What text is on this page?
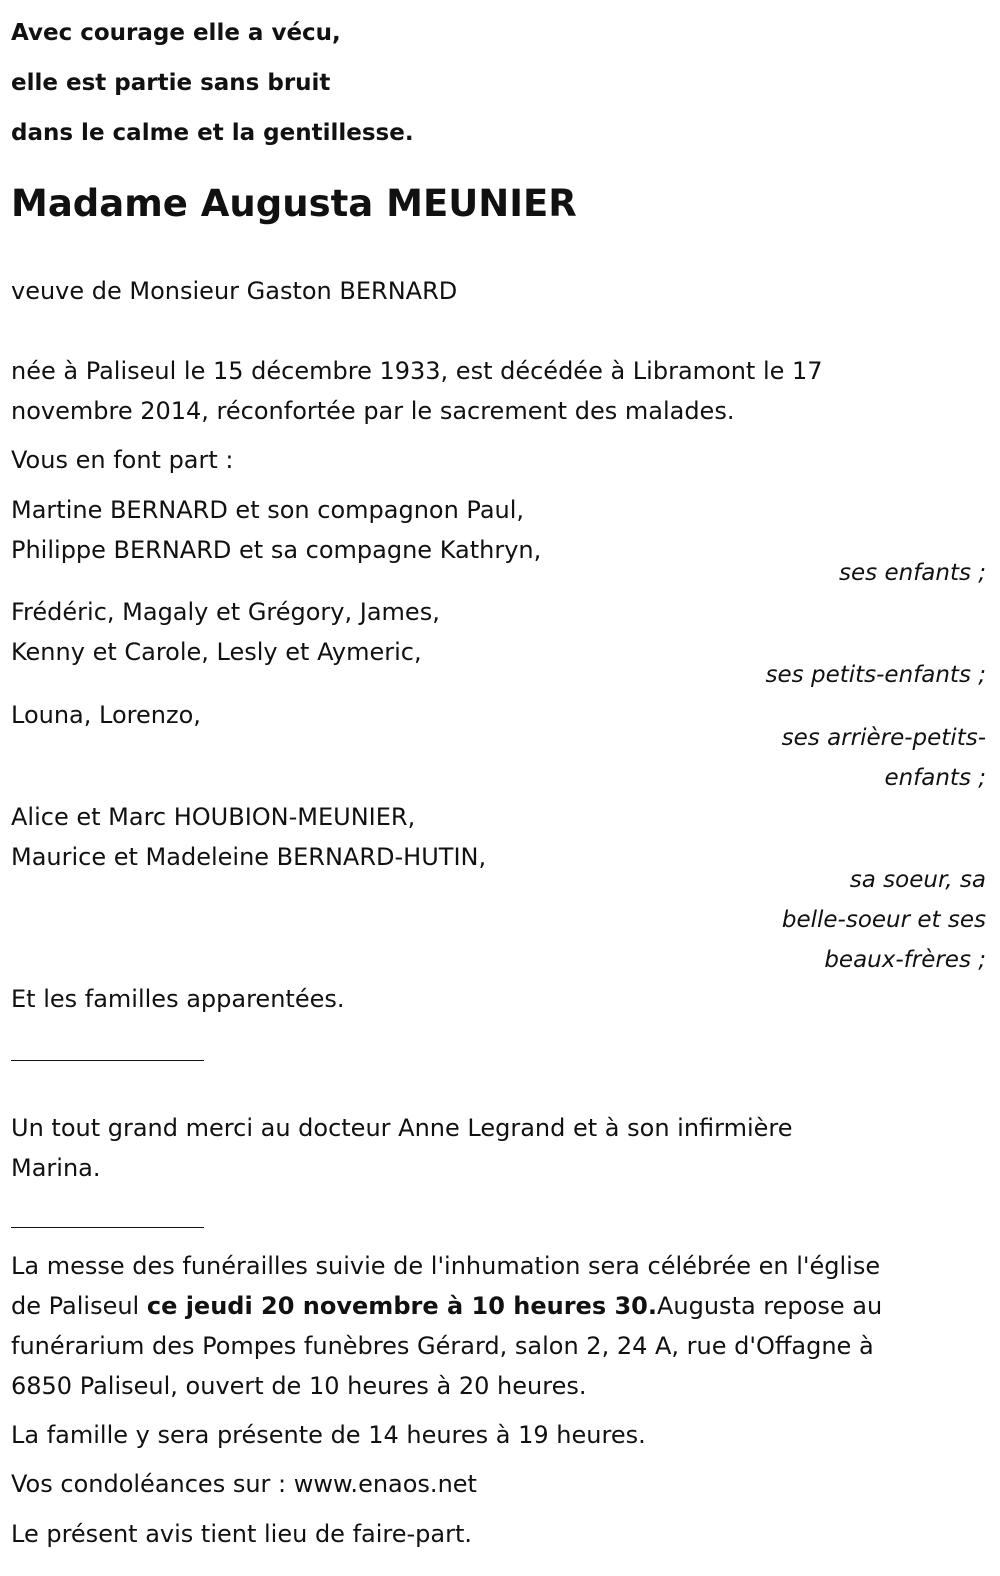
Avec courage elle a vécu,
elle est partie sans bruit
dans le calme et la gentillesse.
Madame Augusta MEUNIER
veuve de Monsieur Gaston BERNARD
née à Paliseul le 15 décembre 1933, est décédée à Libramont le 17
novembre 2014, réconfortée par le sacrement des malades.
Vous en font part :
Martine BERNARD et son compagnon Paul,
Philippe BERNARD et sa compagne Kathryn,
ses enfants ;
Frédéric, Magaly et Grégory, James,
Kenny et Carole, Lesly et Aymeric,
ses petits-enfants ;
Louna, Lorenzo,
ses arrière-petits-
enfants ;
Alice et Marc HOUBION-MEUNIER,
Maurice et Madeleine BERNARD-HUTIN,
sa soeur, sa
belle-soeur et ses
beaux-frères ;
Et les familles apparentées.
Un tout grand merci au docteur Anne Legrand et à son infirmière
Marina.
La messe des funérailles suivie de l'inhumation sera célébrée en l'église
de Paliseul ce jeudi 20 novembre à 10 heures 30.Augusta repose au
funérarium des Pompes funèbres Gérard, salon 2, 24 A, rue d'Offagne à
6850 Paliseul, ouvert de 10 heures à 20 heures.
La famille y sera présente de 14 heures à 19 heures.
Vos condoléances sur : www.enaos.net
Le présent avis tient lieu de faire-part.
